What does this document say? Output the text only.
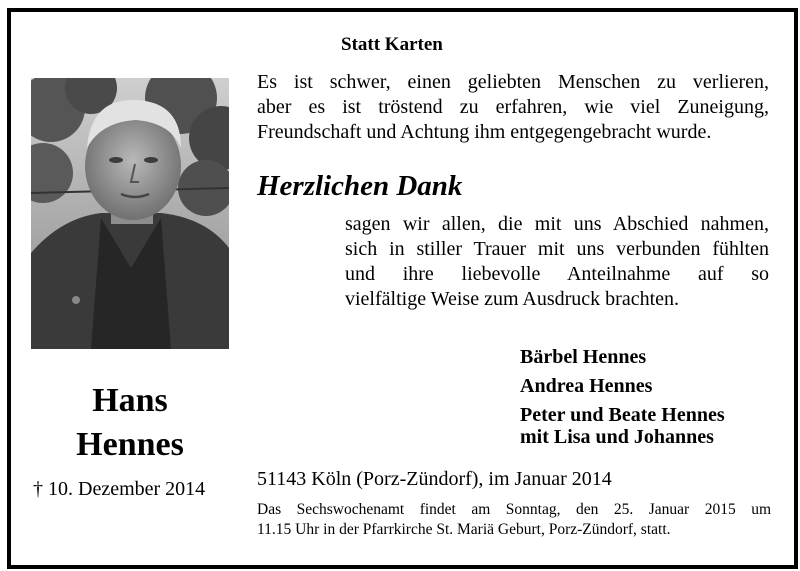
Statt Karten
Hans
Hennes
† 10. Dezember 2014
Es ist schwer, einen geliebten Menschen zu verlieren,
aber es ist tröstend zu erfahren, wie viel Zuneigung,
Freundschaft und Achtung ihm entgegengebracht wurde.
Herzlichen Dank
sagen wir allen, die mit uns Abschied nahmen,
sich in stiller Trauer mit uns verbunden fühlten
und ihre liebevolle Anteilnahme auf so
vielfältige Weise zum Ausdruck brachten.
Bärbel Hennes
Andrea Hennes
Peter und Beate Hennes
mit Lisa und Johannes
51143 Köln (Porz-Zündorf), im Januar 2014
Das Sechswochenamt findet am Sonntag, den 25. Januar 2015 um
11.15 Uhr in der Pfarrkirche St. Mariä Geburt, Porz-Zündorf, statt.
